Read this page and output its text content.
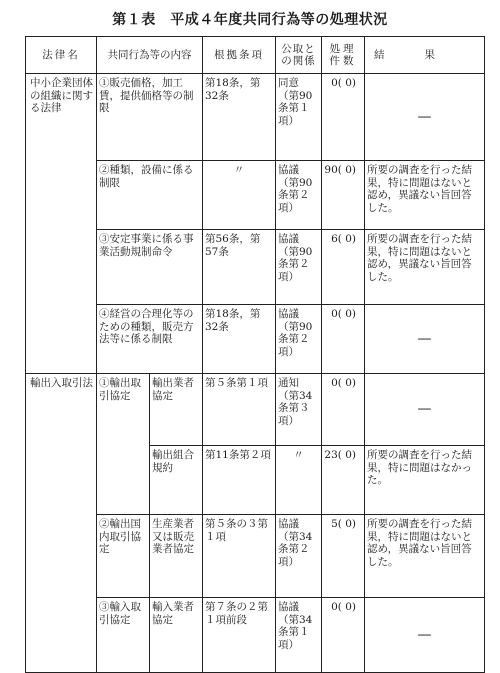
第１表　平成４年度共同行為等の処理状況
法律名	共同行為等の内容		根拠条項	公取との関係	処理件数	結果
中小企業団体の組織に関する法律	①販売価格，加工賃，提供価格等の制限		第18条，第32条	同意（第90条第１項）	0( 0)	—
	②種類，設備に係る制限		〃	協議（第90条第２項）	90( 0)	所要の調査を行った結果，特に問題はないと認め，異議ない旨回答した。
	③安定事業に係る事業活動規制命令		第56条，第57条	協議（第90条第２項）	6( 0)	所要の調査を行った結果，特に問題はないと認め，異議ない旨回答した。
	④経営の合理化等のための種類，販売方法等に係る制限		第18条，第32条	協議（第90条第２項）	0( 0)	—
輸出入取引法	①輸出取引協定	輸出業者協定	第５条第１項	通知（第34条第３項）	0( 0)	—
		輸出組合規約	第11条第２項	〃	23( 0)	所要の調査を行った結果，特に問題はなかった。
	②輸出国内取引協定	生産業者又は販売業者協定	第５条の３第１項	協議（第34条第２項）	5( 0)	所要の調査を行った結果，特に問題はないと認め，異議ない旨回答した。
	③輸入取引協定	輸入業者協定	第７条の２第１項前段	協議（第34条第１項）	0( 0)	—
